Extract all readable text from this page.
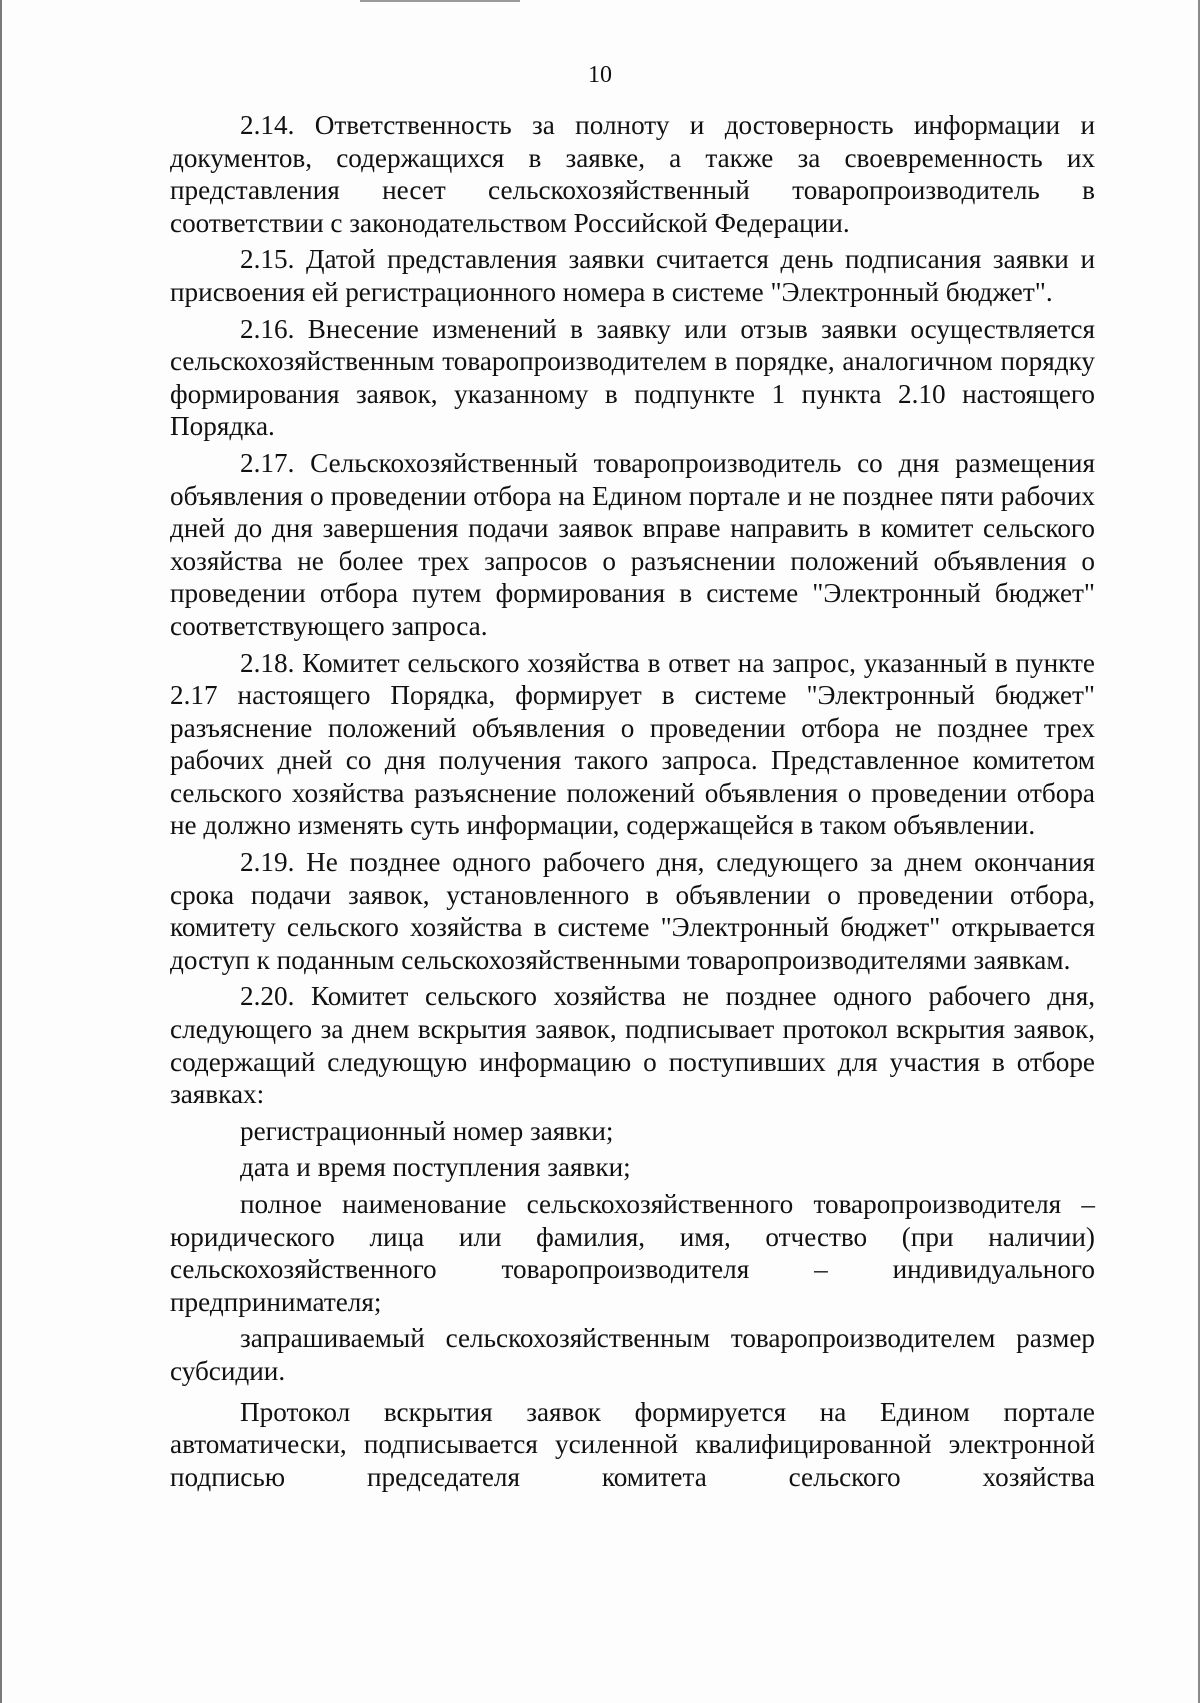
10

2.14. Ответственность за полноту и достоверность информации и документов, содержащихся в заявке, а также за своевременность их представления несет сельскохозяйственный товаропроизводитель в соответствии с законодательством Российской Федерации.

2.15. Датой представления заявки считается день подписания заявки и присвоения ей регистрационного номера в системе "Электронный бюджет".

2.16. Внесение изменений в заявку или отзыв заявки осуществляется сельскохозяйственным товаропроизводителем в порядке, аналогичном порядку формирования заявок, указанному в подпункте 1 пункта 2.10 настоящего Порядка.

2.17. Сельскохозяйственный товаропроизводитель со дня размещения объявления о проведении отбора на Едином портале и не позднее пяти рабочих дней до дня завершения подачи заявок вправе направить в комитет сельского хозяйства не более трех запросов о разъяснении положений объявления о проведении отбора путем формирования в системе "Электронный бюджет" соответствующего запроса.

2.18. Комитет сельского хозяйства в ответ на запрос, указанный в пункте 2.17 настоящего Порядка, формирует в системе "Электронный бюджет" разъяснение положений объявления о проведении отбора не позднее трех рабочих дней со дня получения такого запроса. Представленное комитетом сельского хозяйства разъяснение положений объявления о проведении отбора не должно изменять суть информации, содержащейся в таком объявлении.

2.19. Не позднее одного рабочего дня, следующего за днем окончания срока подачи заявок, установленного в объявлении о проведении отбора, комитету сельского хозяйства в системе "Электронный бюджет" открывается доступ к поданным сельскохозяйственными товаропроизводителями заявкам.

2.20. Комитет сельского хозяйства не позднее одного рабочего дня, следующего за днем вскрытия заявок, подписывает протокол вскрытия заявок, содержащий следующую информацию о поступивших для участия в отборе заявках:

регистрационный номер заявки;

дата и время поступления заявки;

полное наименование сельскохозяйственного товаропроизводителя – юридического лица или фамилия, имя, отчество (при наличии) сельскохозяйственного товаропроизводителя – индивидуального предпринимателя;

запрашиваемый сельскохозяйственным товаропроизводителем размер субсидии.

Протокол вскрытия заявок формируется на Едином портале автоматически, подписывается усиленной квалифицированной электронной подписью председателя комитета сельского хозяйства
